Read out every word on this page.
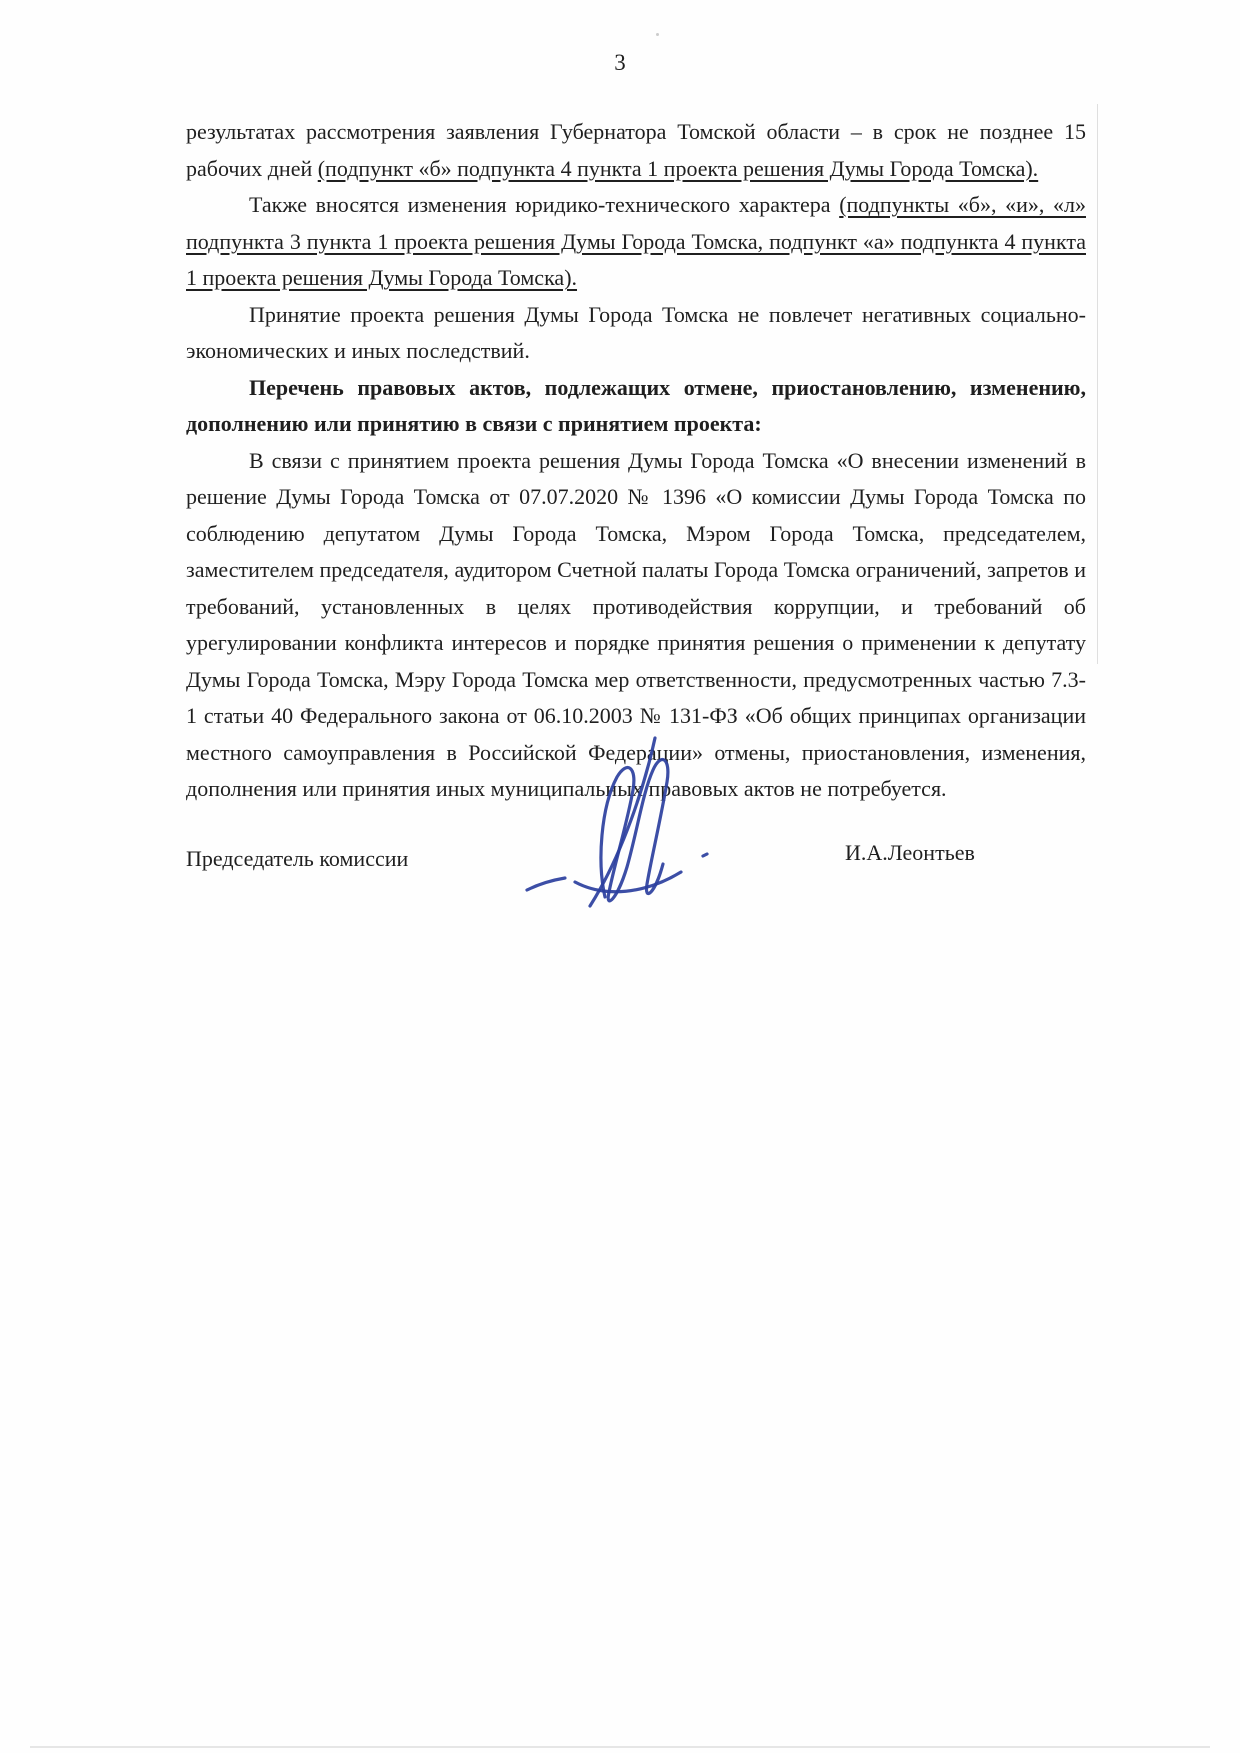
3

результатах рассмотрения заявления Губернатора Томской области – в срок не позднее 15 рабочих дней (подпункт «б» подпункта 4 пункта 1 проекта решения Думы Города Томска).

Также вносятся изменения юридико-технического характера (подпункты «б», «и», «л» подпункта 3 пункта 1 проекта решения Думы Города Томска, подпункт «а» подпункта 4 пункта 1 проекта решения Думы Города Томска).

Принятие проекта решения Думы Города Томска не повлечет негативных социально-экономических и иных последствий.

Перечень правовых актов, подлежащих отмене, приостановлению, изменению, дополнению или принятию в связи с принятием проекта:

В связи с принятием проекта решения Думы Города Томска «О внесении изменений в решение Думы Города Томска от 07.07.2020 № 1396 «О комиссии Думы Города Томска по соблюдению депутатом Думы Города Томска, Мэром Города Томска, председателем, заместителем председателя, аудитором Счетной палаты Города Томска ограничений, запретов и требований, установленных в целях противодействия коррупции, и требований об урегулировании конфликта интересов и порядке принятия решения о применении к депутату Думы Города Томска, Мэру Города Томска мер ответственности, предусмотренных частью 7.3-1 статьи 40 Федерального закона от 06.10.2003 № 131-ФЗ «Об общих принципах организации местного самоуправления в Российской Федерации» отмены, приостановления, изменения, дополнения или принятия иных муниципальных правовых актов не потребуется.

Председатель комиссии	И.А.Леонтьев
